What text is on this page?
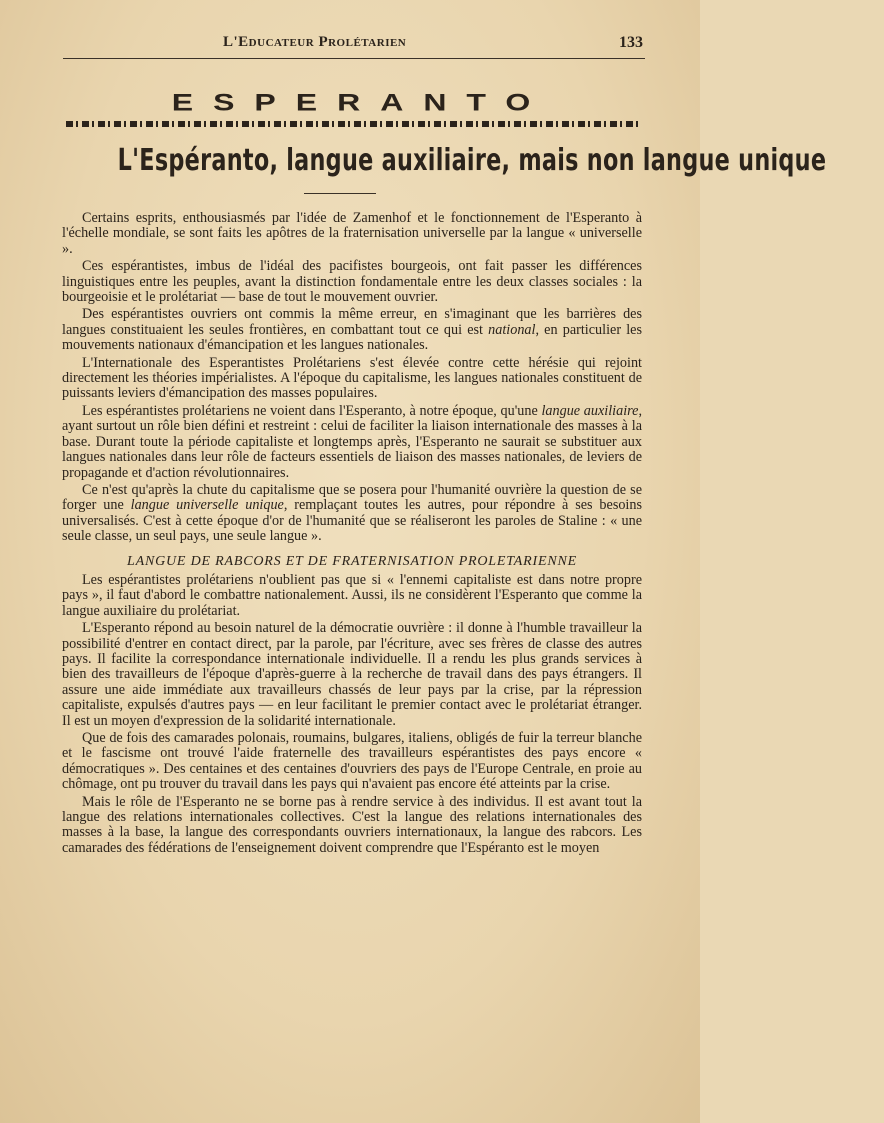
L'Educateur Prolétarien	133
ESPERANTO
L'Espéranto, langue auxiliaire, mais non langue unique

Certains esprits, enthousiasmés par l'idée de Zamenhof et le fonctionnement de l'Esperanto à l'échelle mondiale, se sont faits les apôtres de la fraternisation universelle par la langue « universelle ».

Ces espérantistes, imbus de l'idéal des pacifistes bourgeois, ont fait passer les différences linguistiques entre les peuples, avant la distinction fondamentale entre les deux classes sociales : la bourgeoisie et le prolétariat — base de tout le mouvement ouvrier.

Des espérantistes ouvriers ont commis la même erreur, en s'imaginant que les barrières des langues constituaient les seules frontières, en combattant tout ce qui est national, en particulier les mouvements nationaux d'émancipation et les langues nationales.

L'Internationale des Esperantistes Prolétariens s'est élevée contre cette hérésie qui rejoint directement les théories impérialistes. A l'époque du capitalisme, les langues nationales constituent de puissants leviers d'émancipation des masses populaires.

Les espérantistes prolétariens ne voient dans l'Esperanto, à notre époque, qu'une langue auxiliaire, ayant surtout un rôle bien défini et restreint : celui de faciliter la liaison internationale des masses à la base. Durant toute la période capitaliste et longtemps après, l'Esperanto ne saurait se substituer aux langues nationales dans leur rôle de facteurs essentiels de liaison des masses nationales, de leviers de propagande et d'action révolutionnaires.

Ce n'est qu'après la chute du capitalisme que se posera pour l'humanité ouvrière la question de se forger une langue universelle unique, remplaçant toutes les autres, pour répondre à ses besoins universalisés. C'est à cette époque d'or de l'humanité que se réaliseront les paroles de Staline : « une seule classe, un seul pays, une seule langue ».

LANGUE DE RABCORS ET DE FRATERNISATION PROLETARIENNE

Les espérantistes prolétariens n'oublient pas que si « l'ennemi capitaliste est dans notre propre pays », il faut d'abord le combattre nationalement. Aussi, ils ne considèrent l'Esperanto que comme la langue auxiliaire du prolétariat.

L'Esperanto répond au besoin naturel de la démocratie ouvrière : il donne à l'humble travailleur la possibilité d'entrer en contact direct, par la parole, par l'écriture, avec ses frères de classe des autres pays. Il facilite la correspondance internationale individuelle. Il a rendu les plus grands services à bien des travailleurs de l'époque d'après-guerre à la recherche de travail dans des pays étrangers. Il assure une aide immédiate aux travailleurs chassés de leur pays par la crise, par la répression capitaliste, expulsés d'autres pays — en leur facilitant le premier contact avec le prolétariat étranger. Il est un moyen d'expression de la solidarité internationale.

Que de fois des camarades polonais, roumains, bulgares, italiens, obligés de fuir la terreur blanche et le fascisme ont trouvé l'aide fraternelle des travailleurs espérantistes des pays encore « démocratiques ». Des centaines et des centaines d'ouvriers des pays de l'Europe Centrale, en proie au chômage, ont pu trouver du travail dans les pays qui n'avaient pas encore été atteints par la crise.

Mais le rôle de l'Esperanto ne se borne pas à rendre service à des individus. Il est avant tout la langue des relations internationales collectives. C'est la langue des relations internationales des masses à la base, la langue des correspondants ouvriers internationaux, la langue des rabcors. Les camarades des fédérations de l'enseignement doivent comprendre que l'Espéranto est le moyen
